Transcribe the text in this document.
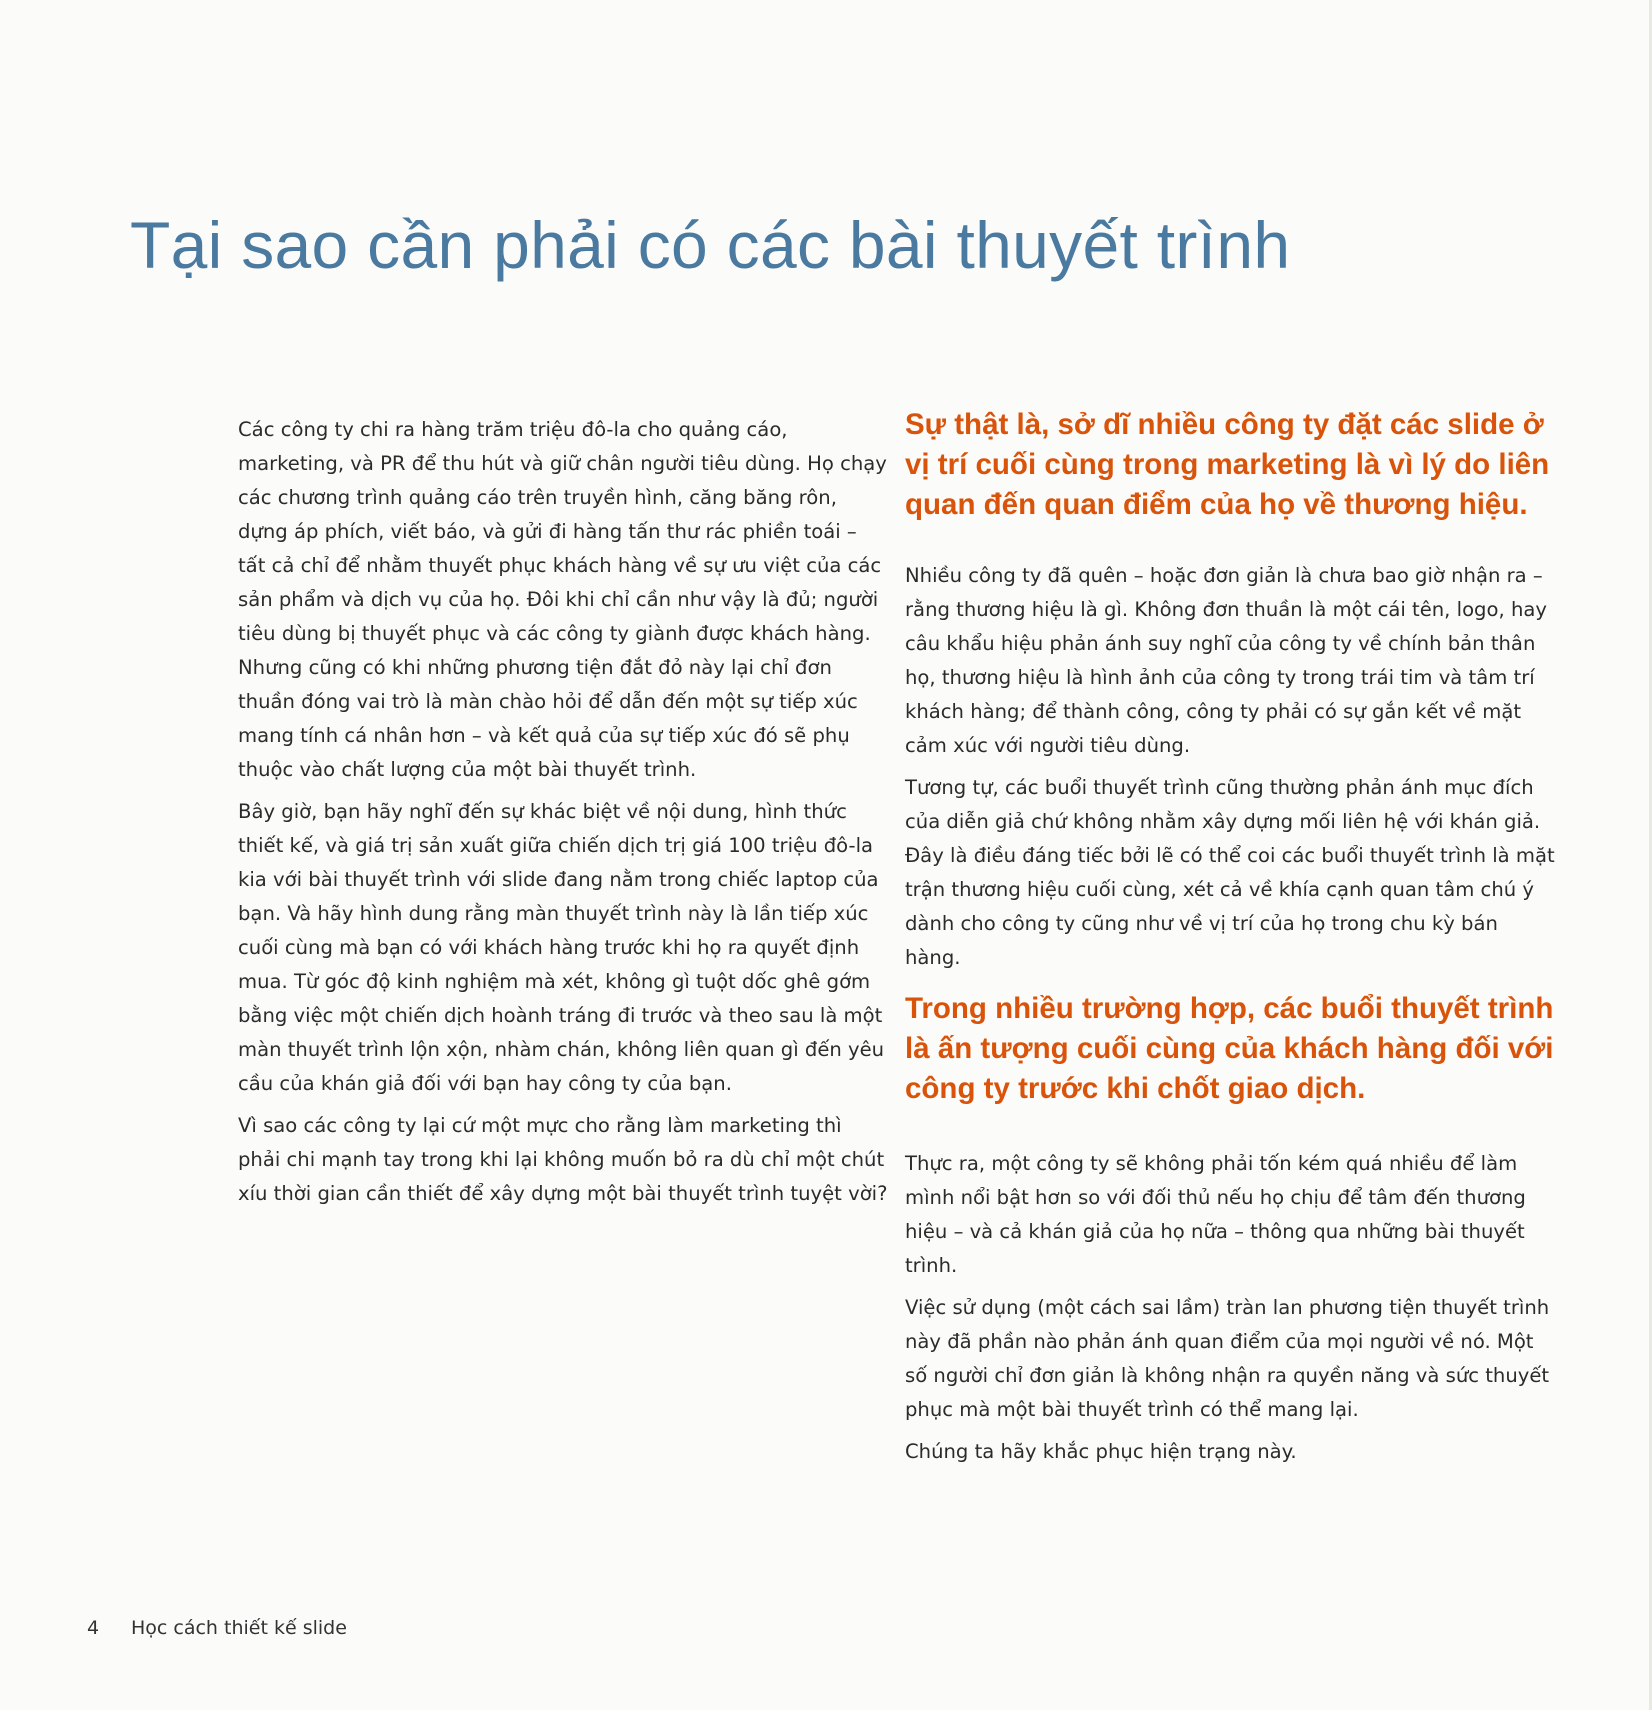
Tại sao cần phải có các bài thuyết trình

Các công ty chi ra hàng trăm triệu đô-la cho quảng cáo, marketing, và PR để thu hút và giữ chân người tiêu dùng. Họ chạy các chương trình quảng cáo trên truyền hình, căng băng rôn, dựng áp phích, viết báo, và gửi đi hàng tấn thư rác phiền toái – tất cả chỉ để nhằm thuyết phục khách hàng về sự ưu việt của các sản phẩm và dịch vụ của họ. Đôi khi chỉ cần như vậy là đủ; người tiêu dùng bị thuyết phục và các công ty giành được khách hàng. Nhưng cũng có khi những phương tiện đắt đỏ này lại chỉ đơn thuần đóng vai trò là màn chào hỏi để dẫn đến một sự tiếp xúc mang tính cá nhân hơn – và kết quả của sự tiếp xúc đó sẽ phụ thuộc vào chất lượng của một bài thuyết trình.

Bây giờ, bạn hãy nghĩ đến sự khác biệt về nội dung, hình thức thiết kế, và giá trị sản xuất giữa chiến dịch trị giá 100 triệu đô-la kia với bài thuyết trình với slide đang nằm trong chiếc laptop của bạn. Và hãy hình dung rằng màn thuyết trình này là lần tiếp xúc cuối cùng mà bạn có với khách hàng trước khi họ ra quyết định mua. Từ góc độ kinh nghiệm mà xét, không gì tuột dốc ghê gớm bằng việc một chiến dịch hoành tráng đi trước và theo sau là một màn thuyết trình lộn xộn, nhàm chán, không liên quan gì đến yêu cầu của khán giả đối với bạn hay công ty của bạn.

Vì sao các công ty lại cứ một mực cho rằng làm marketing thì phải chi mạnh tay trong khi lại không muốn bỏ ra dù chỉ một chút xíu thời gian cần thiết để xây dựng một bài thuyết trình tuyệt vời?

Sự thật là, sở dĩ nhiều công ty đặt các slide ở vị trí cuối cùng trong marketing là vì lý do liên quan đến quan điểm của họ về thương hiệu.

Nhiều công ty đã quên – hoặc đơn giản là chưa bao giờ nhận ra – rằng thương hiệu là gì. Không đơn thuần là một cái tên, logo, hay câu khẩu hiệu phản ánh suy nghĩ của công ty về chính bản thân họ, thương hiệu là hình ảnh của công ty trong trái tim và tâm trí khách hàng; để thành công, công ty phải có sự gắn kết về mặt cảm xúc với người tiêu dùng.

Tương tự, các buổi thuyết trình cũng thường phản ánh mục đích của diễn giả chứ không nhằm xây dựng mối liên hệ với khán giả. Đây là điều đáng tiếc bởi lẽ có thể coi các buổi thuyết trình là mặt trận thương hiệu cuối cùng, xét cả về khía cạnh quan tâm chú ý dành cho công ty cũng như về vị trí của họ trong chu kỳ bán hàng.

Trong nhiều trường hợp, các buổi thuyết trình là ấn tượng cuối cùng của khách hàng đối với công ty trước khi chốt giao dịch.

Thực ra, một công ty sẽ không phải tốn kém quá nhiều để làm mình nổi bật hơn so với đối thủ nếu họ chịu để tâm đến thương hiệu – và cả khán giả của họ nữa – thông qua những bài thuyết trình.

Việc sử dụng (một cách sai lầm) tràn lan phương tiện thuyết trình này đã phần nào phản ánh quan điểm của mọi người về nó. Một số người chỉ đơn giản là không nhận ra quyền năng và sức thuyết phục mà một bài thuyết trình có thể mang lại.

Chúng ta hãy khắc phục hiện trạng này.

4 Học cách thiết kế slide
